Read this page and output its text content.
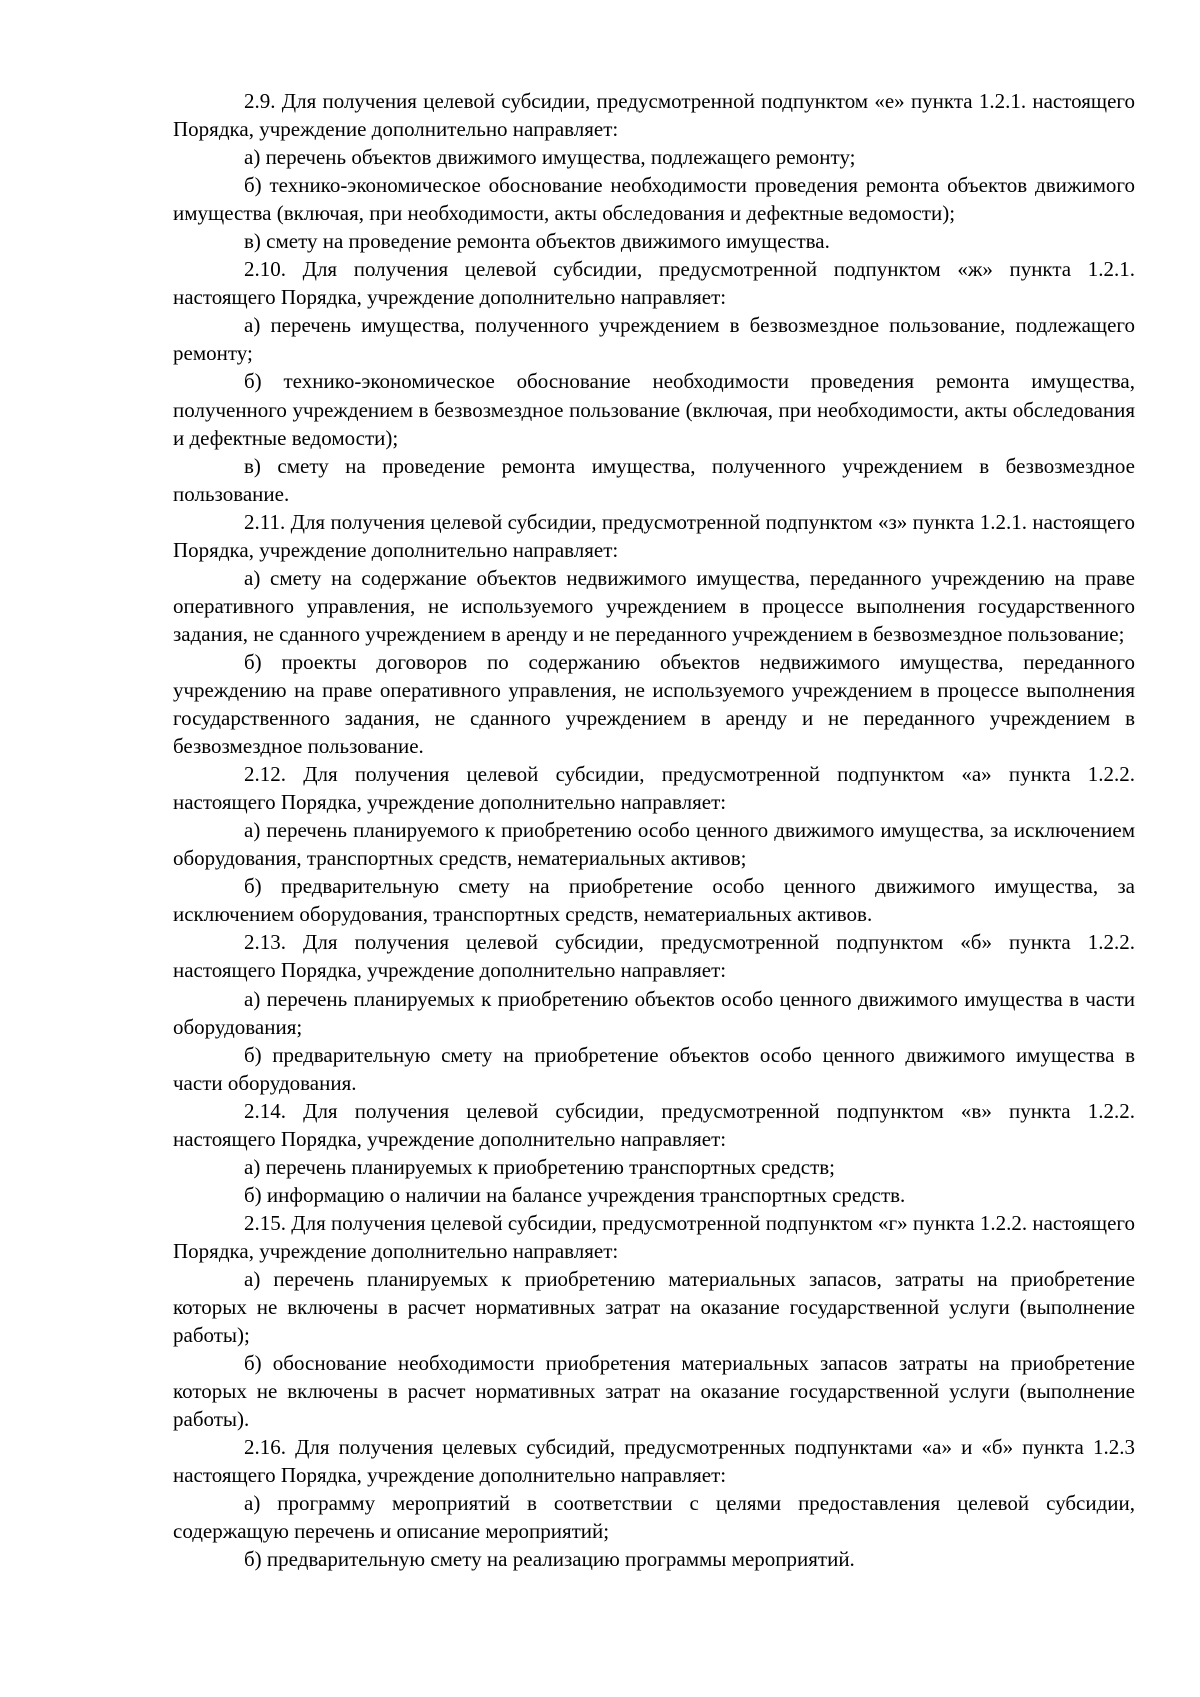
2.9. Для получения целевой субсидии, предусмотренной подпунктом «е» пункта 1.2.1. настоящего Порядка, учреждение дополнительно направляет:

а) перечень объектов движимого имущества, подлежащего ремонту;

б) технико-экономическое обоснование необходимости проведения ремонта объектов движимого имущества (включая, при необходимости, акты обследования и дефектные ведомости);

в) смету на проведение ремонта объектов движимого имущества.

2.10. Для получения целевой субсидии, предусмотренной подпунктом «ж» пункта 1.2.1. настоящего Порядка, учреждение дополнительно направляет:

а) перечень имущества, полученного учреждением в безвозмездное пользование, подлежащего ремонту;

б) технико-экономическое обоснование необходимости проведения ремонта имущества, полученного учреждением в безвозмездное пользование (включая, при необходимости, акты обследования и дефектные ведомости);

в) смету на проведение ремонта имущества, полученного учреждением в безвозмездное пользование.

2.11. Для получения целевой субсидии, предусмотренной подпунктом «з» пункта 1.2.1. настоящего Порядка, учреждение дополнительно направляет:

а) смету на содержание объектов недвижимого имущества, переданного учреждению на праве оперативного управления, не используемого учреждением в процессе выполнения государственного задания, не сданного учреждением в аренду и не переданного учреждением в безвозмездное пользование;

б) проекты договоров по содержанию объектов недвижимого имущества, переданного учреждению на праве оперативного управления, не используемого учреждением в процессе выполнения государственного задания, не сданного учреждением в аренду и не переданного учреждением в безвозмездное пользование.

2.12. Для получения целевой субсидии, предусмотренной подпунктом «а» пункта 1.2.2. настоящего Порядка, учреждение дополнительно направляет:

а) перечень планируемого к приобретению особо ценного движимого имущества, за исключением оборудования, транспортных средств, нематериальных активов;

б) предварительную смету на приобретение особо ценного движимого имущества, за исключением оборудования, транспортных средств, нематериальных активов.

2.13. Для получения целевой субсидии, предусмотренной подпунктом «б» пункта 1.2.2. настоящего Порядка, учреждение дополнительно направляет:

а) перечень планируемых к приобретению объектов особо ценного движимого имущества в части оборудования;

б) предварительную смету на приобретение объектов особо ценного движимого имущества в части оборудования.

2.14. Для получения целевой субсидии, предусмотренной подпунктом «в» пункта 1.2.2. настоящего Порядка, учреждение дополнительно направляет:

а) перечень планируемых к приобретению транспортных средств;

б) информацию о наличии на балансе учреждения транспортных средств.

2.15. Для получения целевой субсидии, предусмотренной подпунктом «г» пункта 1.2.2. настоящего Порядка, учреждение дополнительно направляет:

а) перечень планируемых к приобретению материальных запасов, затраты на приобретение которых не включены в расчет нормативных затрат на оказание государственной услуги (выполнение работы);

б) обоснование необходимости приобретения материальных запасов затраты на приобретение которых не включены в расчет нормативных затрат на оказание государственной услуги (выполнение работы).

2.16. Для получения целевых субсидий, предусмотренных подпунктами «а» и «б» пункта 1.2.3 настоящего Порядка, учреждение дополнительно направляет:

а) программу мероприятий в соответствии с целями предоставления целевой субсидии, содержащую перечень и описание мероприятий;

б) предварительную смету на реализацию программы мероприятий.
